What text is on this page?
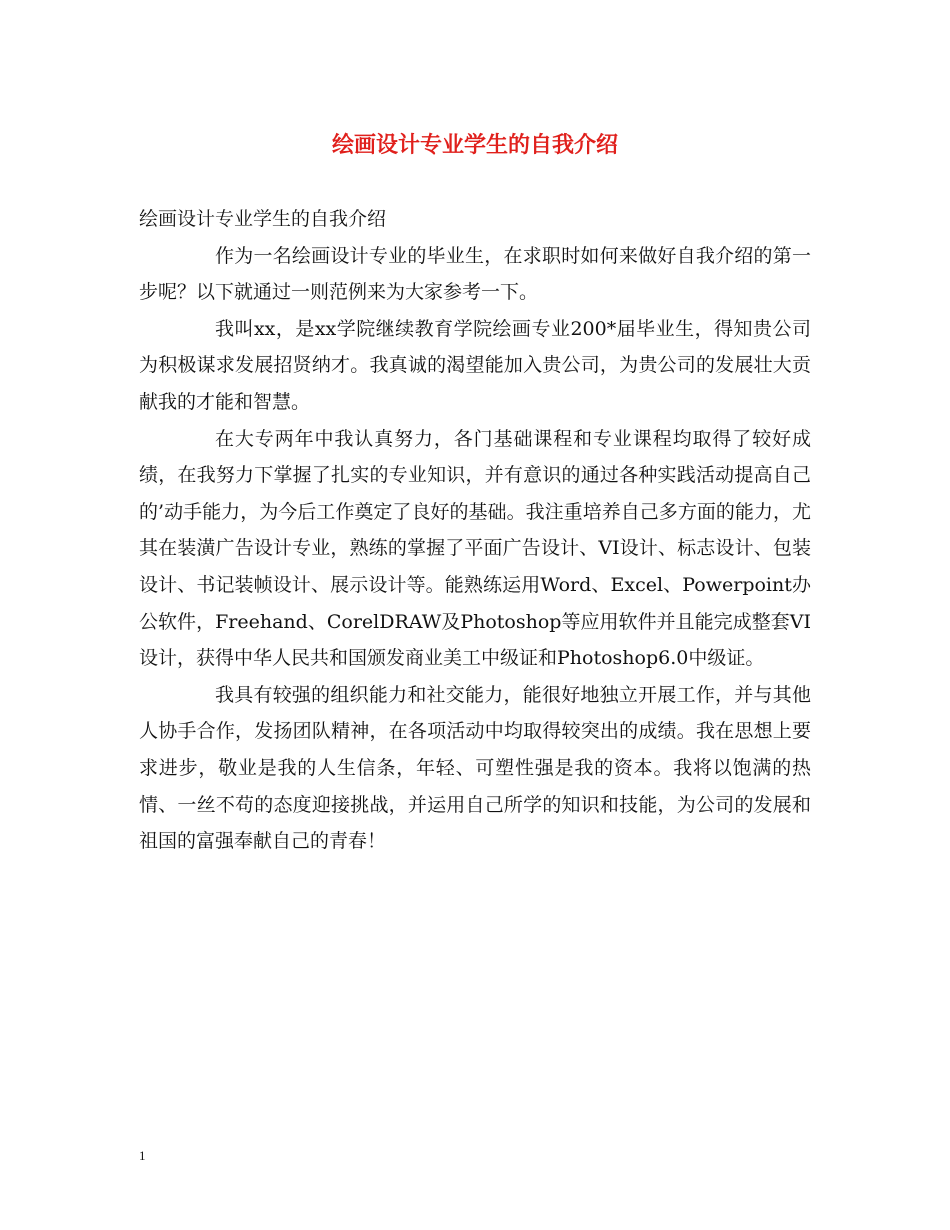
绘画设计专业学生的自我介绍

绘画设计专业学生的自我介绍

作为一名绘画设计专业的毕业生，在求职时如何来做好自我介绍的第一步呢？以下就通过一则范例来为大家参考一下。

我叫xx，是xx学院继续教育学院绘画专业200*届毕业生，得知贵公司为积极谋求发展招贤纳才。我真诚的渴望能加入贵公司，为贵公司的发展壮大贡献我的才能和智慧。

在大专两年中我认真努力，各门基础课程和专业课程均取得了较好成绩，在我努力下掌握了扎实的专业知识，并有意识的通过各种实践活动提高自己的’动手能力，为今后工作奠定了良好的基础。我注重培养自己多方面的能力，尤其在装潢广告设计专业，熟练的掌握了平面广告设计、VI设计、标志设计、包装设计、书记装帧设计、展示设计等。能熟练运用Word、Excel、Powerpoint办公软件，Freehand、CorelDRAW及Photoshop等应用软件并且能完成整套VI设计，获得中华人民共和国颁发商业美工中级证和Photoshop6.0中级证。

我具有较强的组织能力和社交能力，能很好地独立开展工作，并与其他人协手合作，发扬团队精神，在各项活动中均取得较突出的成绩。我在思想上要求进步，敬业是我的人生信条，年轻、可塑性强是我的资本。我将以饱满的热情、一丝不苟的态度迎接挑战，并运用自己所学的知识和技能，为公司的发展和祖国的富强奉献自己的青春！

1
